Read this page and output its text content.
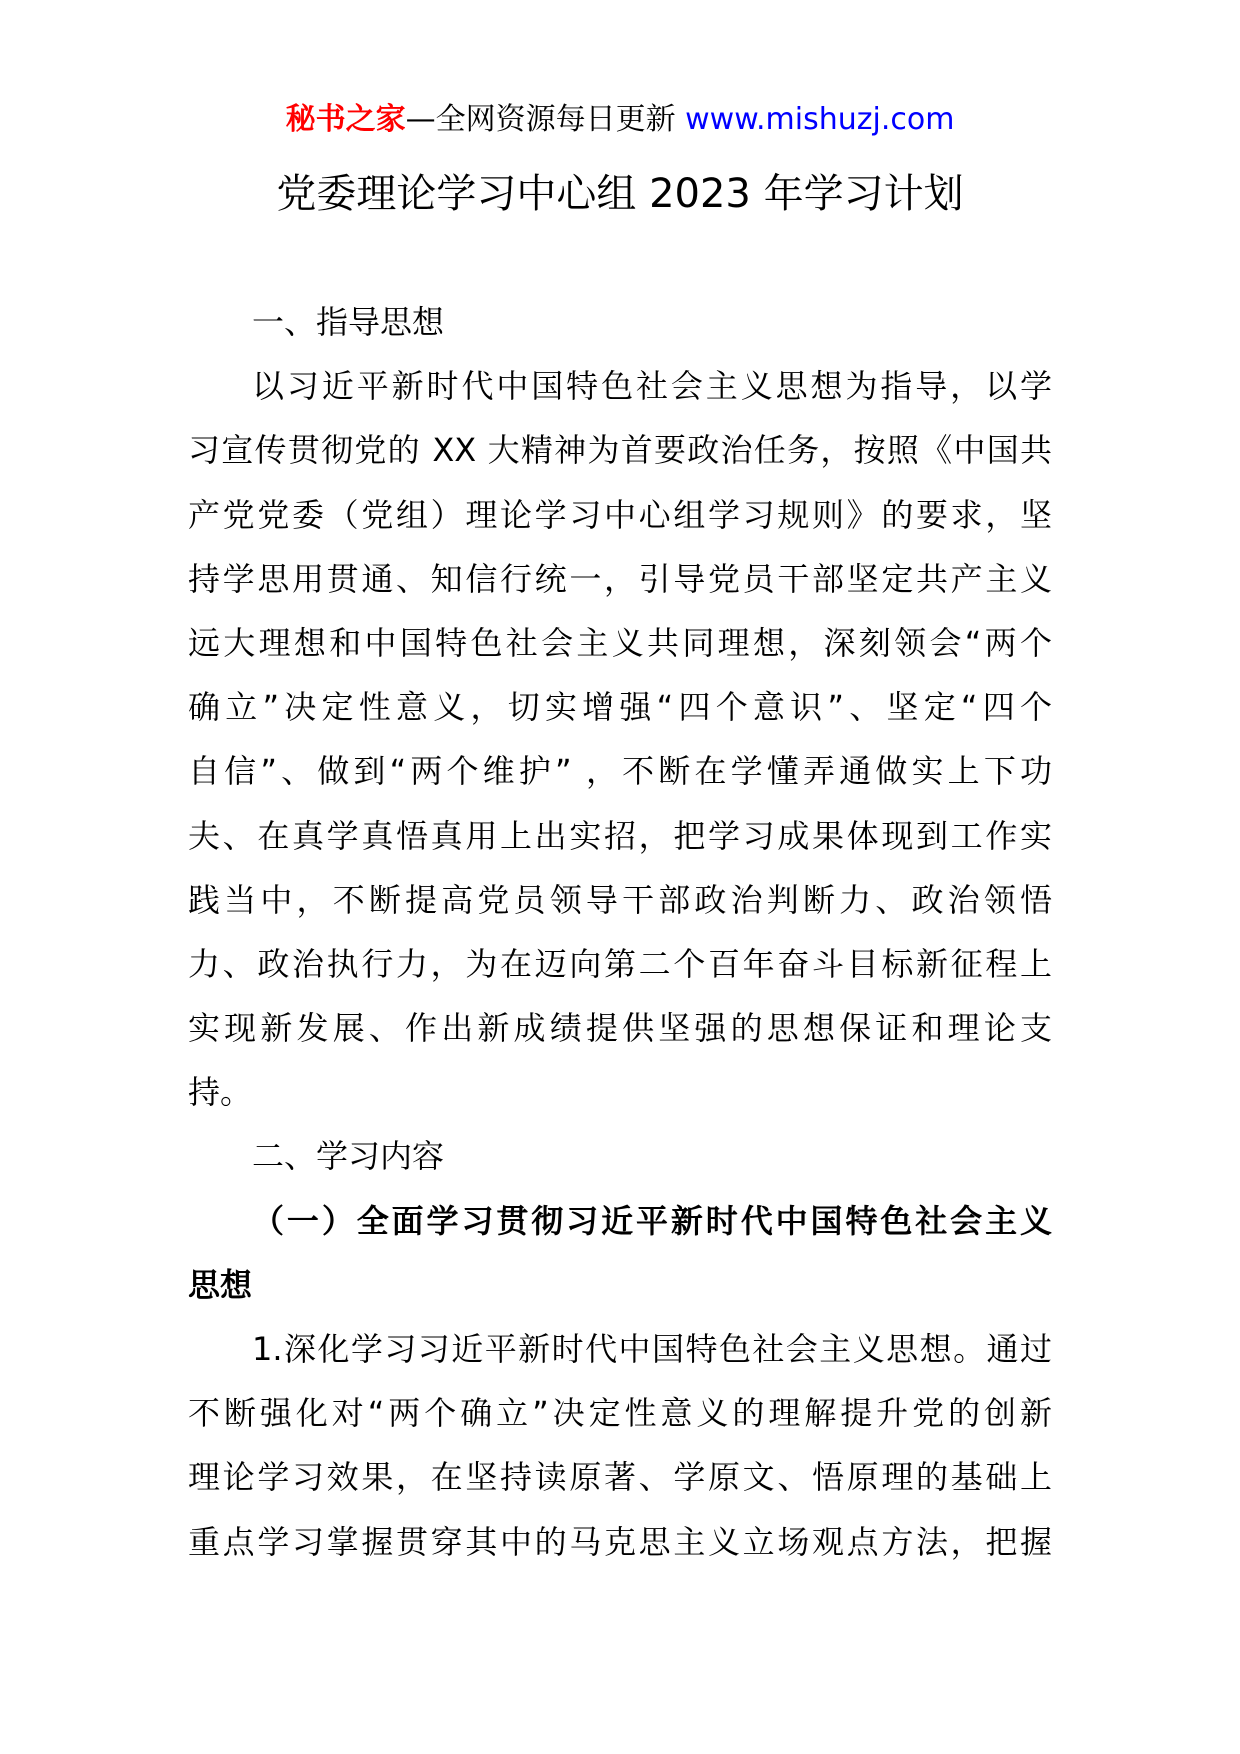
秘书之家—全网资源每日更新 www.mishuzj.com
党委理论学习中心组 2023 年学习计划
一、指导思想
以习近平新时代中国特色社会主义思想为指导，以学
习宣传贯彻党的 XX 大精神为首要政治任务，按照《中国共
产党党委（党组）理论学习中心组学习规则》的要求，坚
持学思用贯通、知信行统一，引导党员干部坚定共产主义
远大理想和中国特色社会主义共同理想，深刻领会“两个
确立”决定性意义，切实增强“四个意识”、坚定“四个
自信”、做到“两个维护” ，不断在学懂弄通做实上下功
夫、在真学真悟真用上出实招，把学习成果体现到工作实
践当中，不断提高党员领导干部政治判断力、政治领悟
力、政治执行力，为在迈向第二个百年奋斗目标新征程上
实现新发展、作出新成绩提供坚强的思想保证和理论支
持。
二、学习内容
（一）全面学习贯彻习近平新时代中国特色社会主义
思想
1.深化学习习近平新时代中国特色社会主义思想。通过
不断强化对“两个确立”决定性意义的理解提升党的创新
理论学习效果，在坚持读原著、学原文、悟原理的基础上
重点学习掌握贯穿其中的马克思主义立场观点方法，把握
